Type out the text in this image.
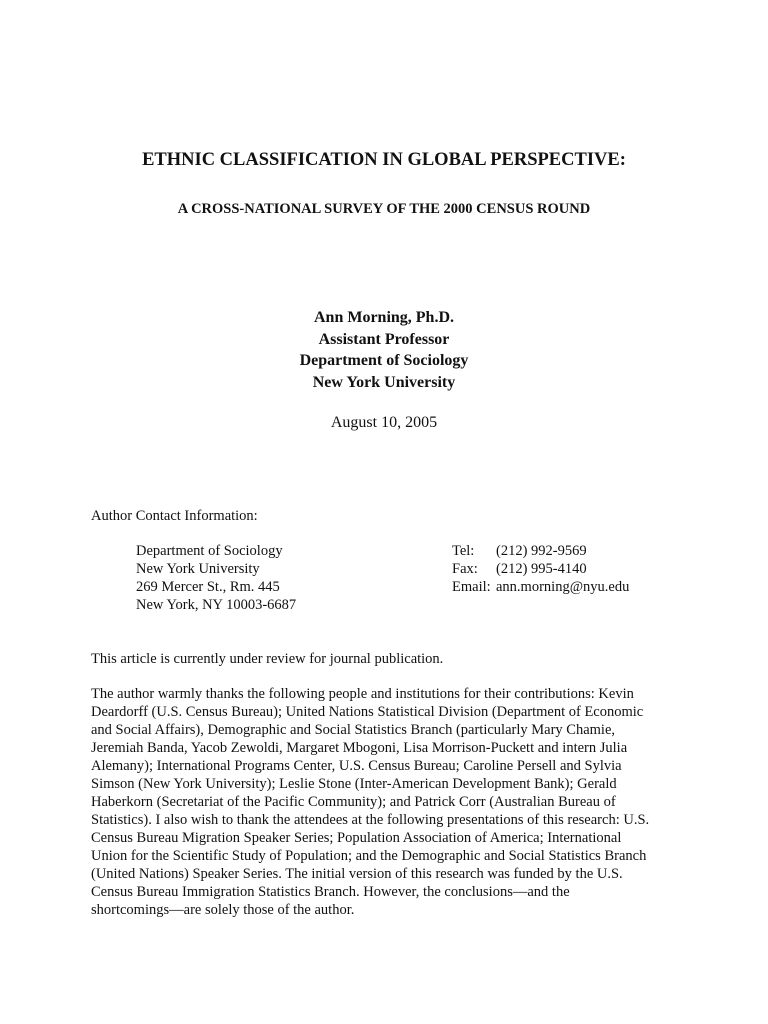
ETHNIC CLASSIFICATION IN GLOBAL PERSPECTIVE:
A CROSS-NATIONAL SURVEY OF THE 2000 CENSUS ROUND
Ann Morning, Ph.D.
Assistant Professor
Department of Sociology
New York University
August 10, 2005
Author Contact Information:
Department of Sociology
New York University
269 Mercer St., Rm. 445
New York, NY 10003-6687
Tel: (212) 992-9569
Fax: (212) 995-4140
Email: ann.morning@nyu.edu
This article is currently under review for journal publication.
The author warmly thanks the following people and institutions for their contributions: Kevin
Deardorff (U.S. Census Bureau); United Nations Statistical Division (Department of Economic
and Social Affairs), Demographic and Social Statistics Branch (particularly Mary Chamie,
Jeremiah Banda, Yacob Zewoldi, Margaret Mbogoni, Lisa Morrison-Puckett and intern Julia
Alemany); International Programs Center, U.S. Census Bureau; Caroline Persell and Sylvia
Simson (New York University); Leslie Stone (Inter-American Development Bank); Gerald
Haberkorn (Secretariat of the Pacific Community); and Patrick Corr (Australian Bureau of
Statistics). I also wish to thank the attendees at the following presentations of this research: U.S.
Census Bureau Migration Speaker Series; Population Association of America; International
Union for the Scientific Study of Population; and the Demographic and Social Statistics Branch
(United Nations) Speaker Series. The initial version of this research was funded by the U.S.
Census Bureau Immigration Statistics Branch. However, the conclusions—and the
shortcomings—are solely those of the author.
